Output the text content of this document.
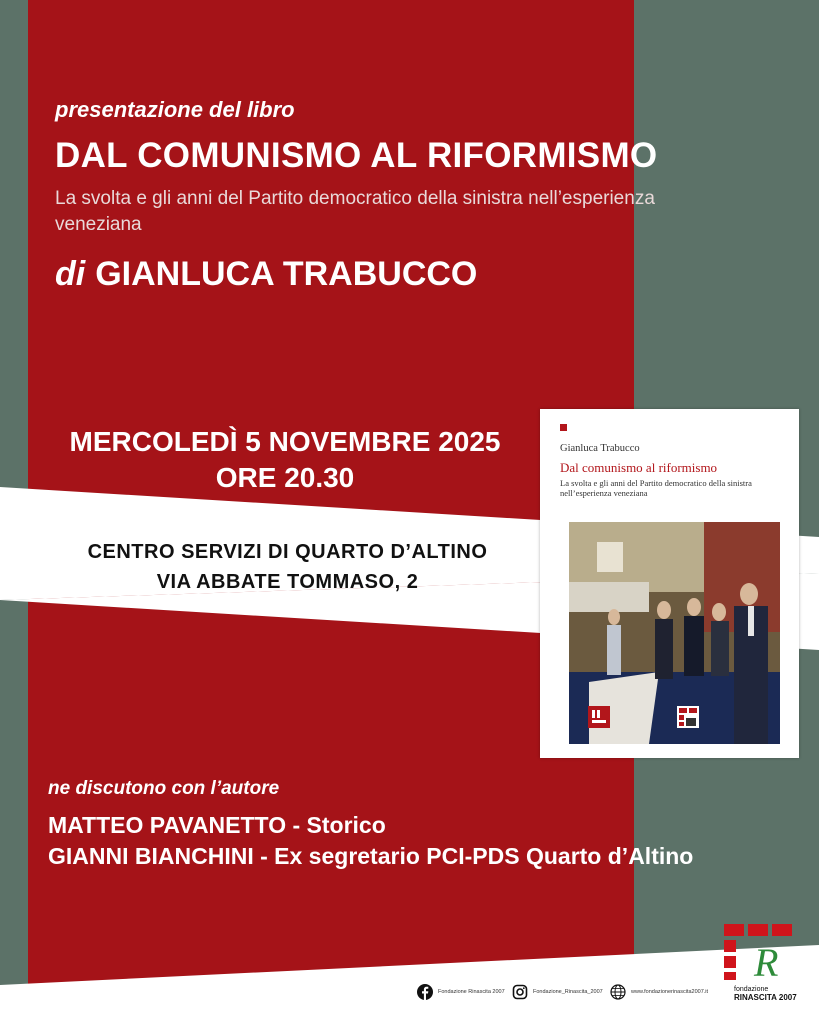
presentazione del libro
DAL COMUNISMO AL RIFORMISMO
La svolta e gli anni del Partito democratico della sinistra nell’esperienza veneziana
di GIANLUCA TRABUCCO
MERCOLEDÌ 5 NOVEMBRE 2025
ORE 20.30
CENTRO SERVIZI DI QUARTO D’ALTINO
VIA ABBATE TOMMASO, 2
Gianluca Trabucco
Dal comunismo al riformismo
La svolta e gli anni del Partito democratico della sinistra nell’esperienza veneziana
ne discutono con l’autore
MATTEO PAVANETTO - Storico
GIANNI BIANCHINI - Ex segretario PCI-PDS Quarto d’Altino
R
fondazione
RINASCITA 2007
Fondazione Rinascita 2007	Fondazione_Rinascita_2007	www.fondazionerinascita2007.it
